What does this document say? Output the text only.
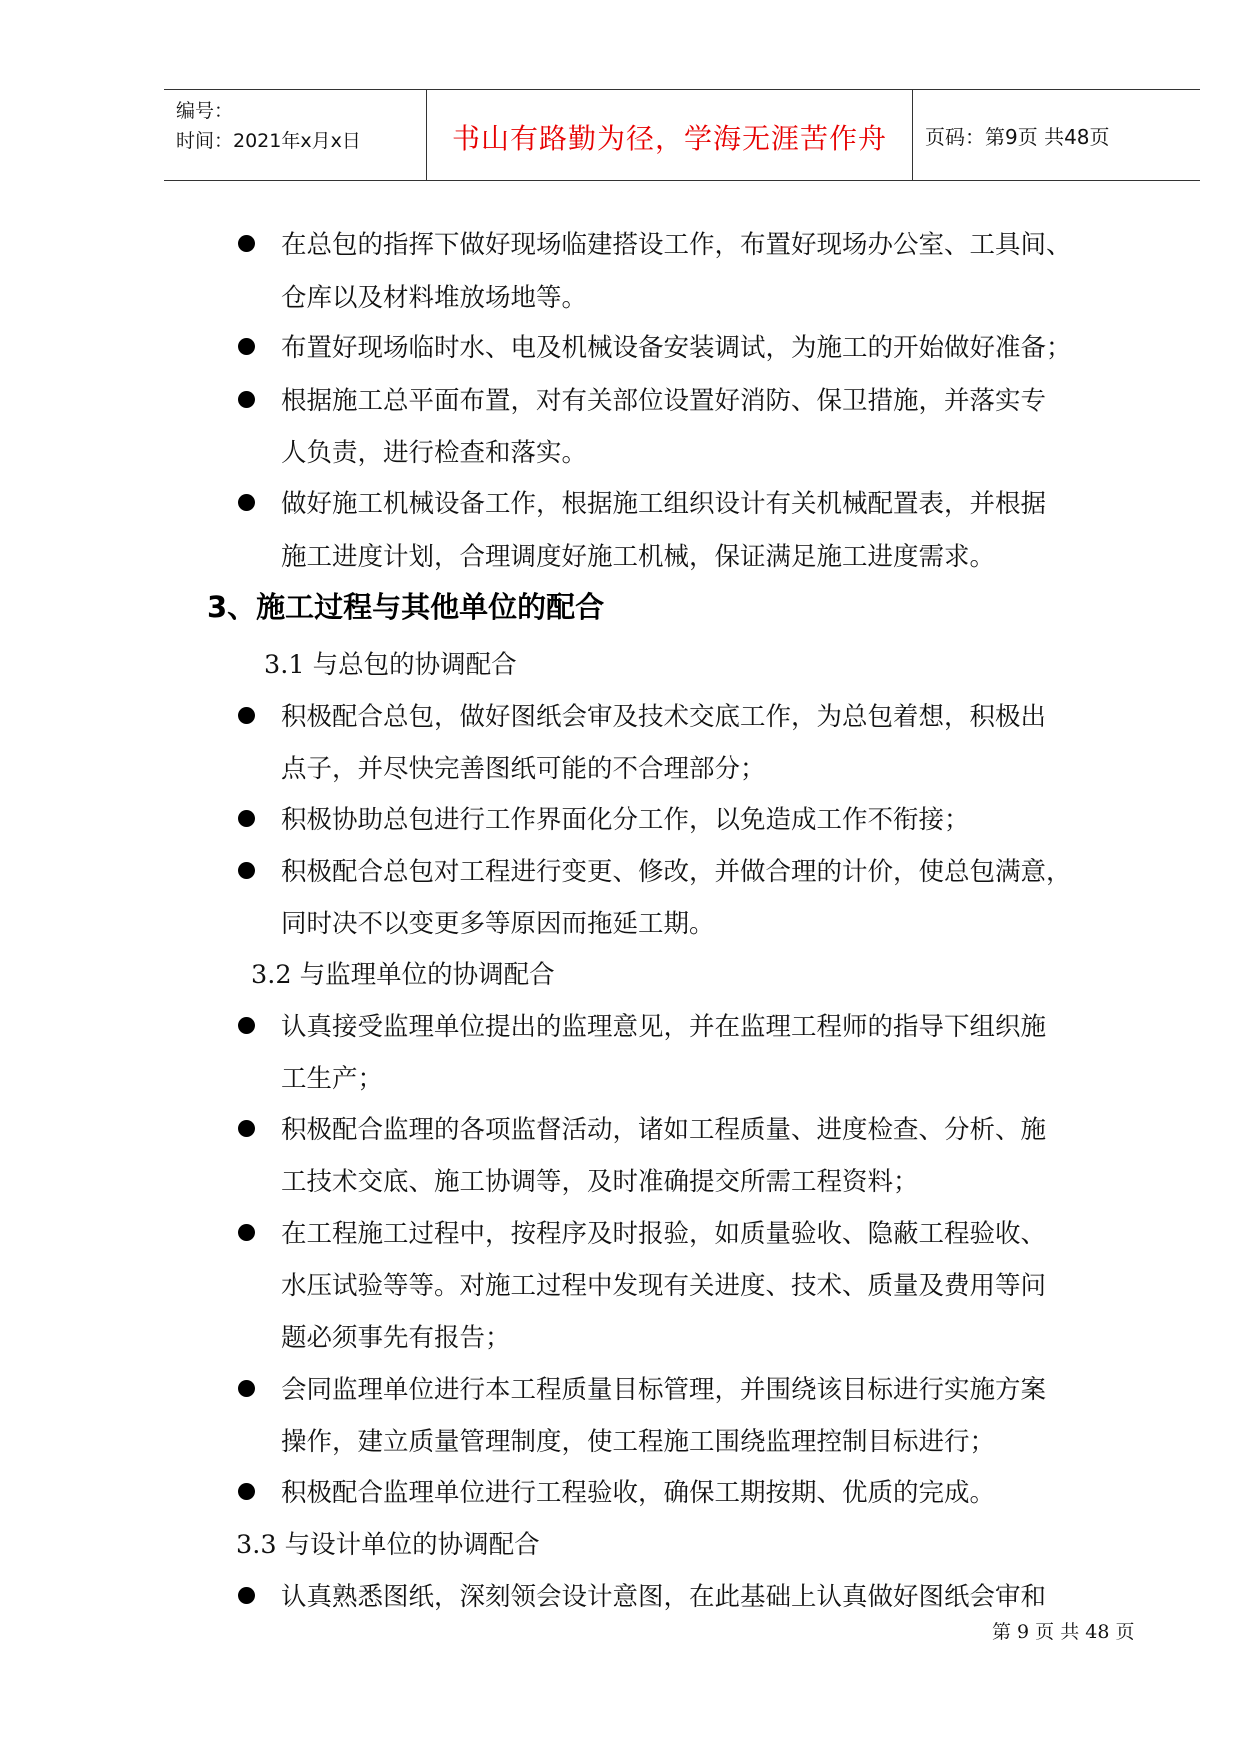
编号：
时间：2021年x月x日	书山有路勤为径，学海无涯苦作舟	页码：第9页 共48页
在总包的指挥下做好现场临建搭设工作，布置好现场办公室、工具间、
仓库以及材料堆放场地等。
布置好现场临时水、电及机械设备安装调试，为施工的开始做好准备；
根据施工总平面布置，对有关部位设置好消防、保卫措施，并落实专
人负责，进行检查和落实。
做好施工机械设备工作，根据施工组织设计有关机械配置表，并根据
施工进度计划，合理调度好施工机械，保证满足施工进度需求。
3、施工过程与其他单位的配合
3.1 与总包的协调配合
积极配合总包，做好图纸会审及技术交底工作，为总包着想，积极出
点子，并尽快完善图纸可能的不合理部分；
积极协助总包进行工作界面化分工作，以免造成工作不衔接；
积极配合总包对工程进行变更、修改，并做合理的计价，使总包满意，
同时决不以变更多等原因而拖延工期。
3.2 与监理单位的协调配合
认真接受监理单位提出的监理意见，并在监理工程师的指导下组织施
工生产；
积极配合监理的各项监督活动，诸如工程质量、进度检查、分析、施
工技术交底、施工协调等，及时准确提交所需工程资料；
在工程施工过程中，按程序及时报验，如质量验收、隐蔽工程验收、
水压试验等等。对施工过程中发现有关进度、技术、质量及费用等问
题必须事先有报告；
会同监理单位进行本工程质量目标管理，并围绕该目标进行实施方案
操作，建立质量管理制度，使工程施工围绕监理控制目标进行；
积极配合监理单位进行工程验收，确保工期按期、优质的完成。
3.3 与设计单位的协调配合
认真熟悉图纸，深刻领会设计意图，在此基础上认真做好图纸会审和
第 9 页 共 48 页
